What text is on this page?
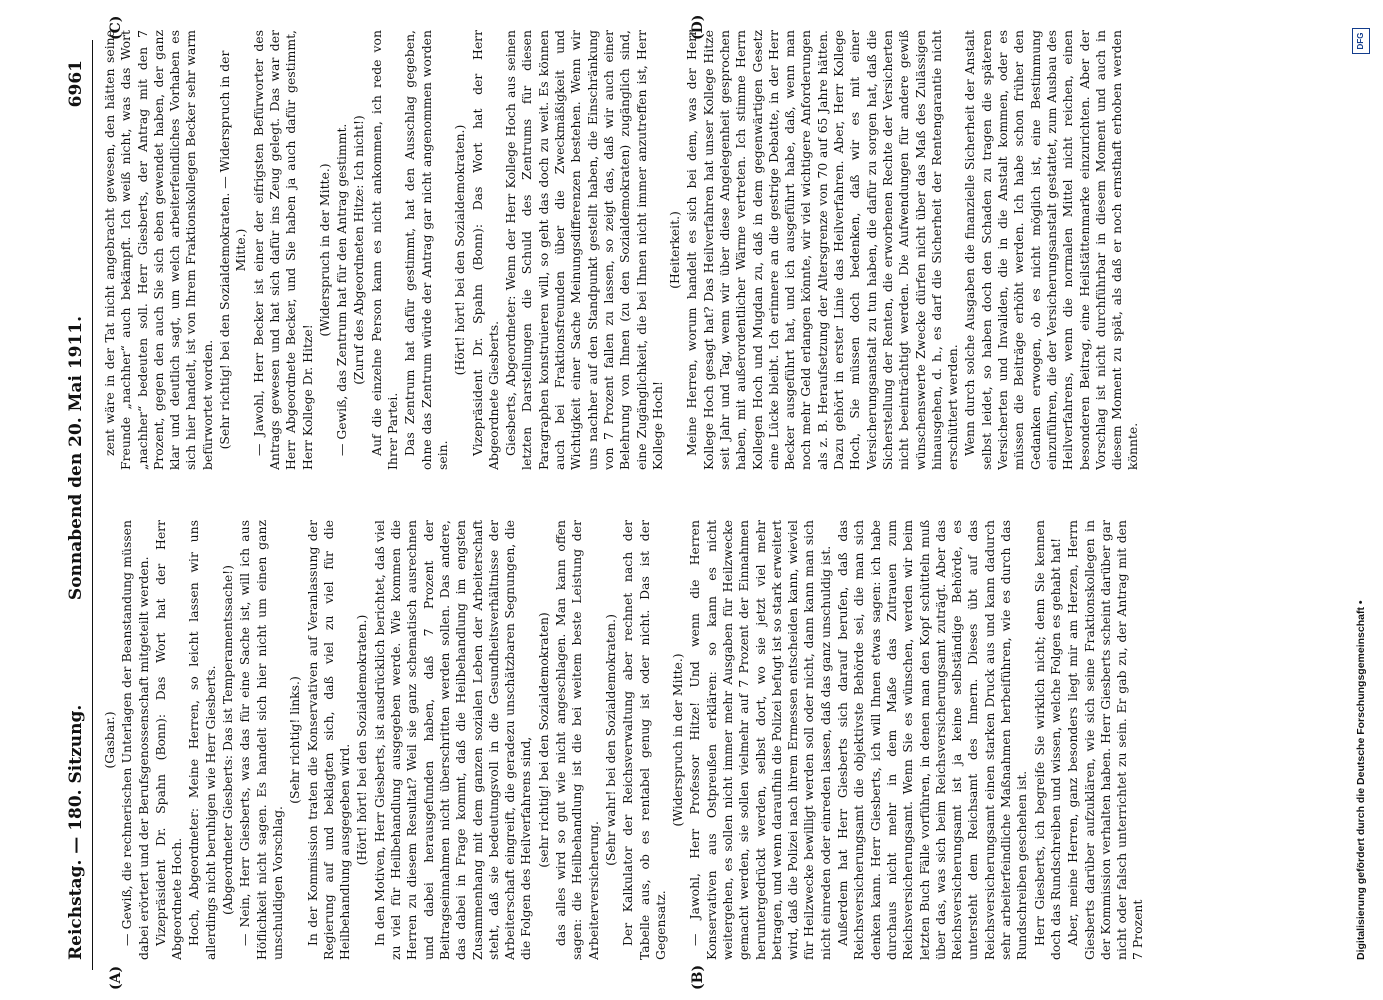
Reichstag. — 180. Sitzung.
Sonnabend den 20. Mai 1911.
6961
(A)	(B)
(C)	(D)

(Gasbar.) — Gewiß, die rechnerischen Unterlagen der Beanstandung müssen dabei erörtert und der Berufsgenossenschaft mitgeteilt werden. Vizepräsident Dr. Spahn (Bonn): Das Wort hat der Herr Abgeordnete Hoch. Hoch, Abgeordneter: Meine Herren, so leicht lassen wir uns allerdings nicht beruhigen wie Herr Giesberts. (Abgeordneter Giesberts: Das ist Temperamentssache!) — Nein, Herr Giesberts, was das für eine Sache ist, will ich aus Höflichkeit nicht sagen. Es handelt sich hier nicht um einen ganz unschuldigen Vorschlag.

(Sehr richtig! links.) In der Kommission traten die Konservativen auf Veranlassung der Regierung auf und beklagten sich, daß viel zu viel für die Heilbehandlung ausgegeben wird. (Hört! hört! bei den Sozialdemokraten.) In den Motiven, Herr Giesberts, ist ausdrücklich berichtet, daß viel zu viel für Heilbehandlung ausgegeben werde. Wie kommen die Herren zu diesem Resultat? Weil sie ganz schematisch ausrechnen und dabei herausgefunden haben, daß 7 Prozent der Beitragseinnahmen nicht überschritten werden sollen. Das andere, das dabei in Frage kommt, daß die Heilbehandlung im engsten Zusammenhang mit dem ganzen sozialen Leben der Arbeiterschaft steht, daß sie bedeutungsvoll in die Gesundheitsverhältnisse der Arbeiterschaft eingreift, die geradezu unschätzbaren Segnungen, die die Folgen des Heilverfahrens sind, (sehr richtig! bei den Sozialdemokraten) das alles wird so gut wie nicht angeschlagen. Man kann offen sagen: die Heilbehandlung ist die bei weitem beste Leistung der Arbeiterversicherung.

(Sehr wahr! bei den Sozialdemokraten.) Der Kalkulator der Reichsverwaltung aber rechnet nach der Tabelle aus, ob es rentabel genug ist oder nicht. Das ist der Gegensatz.

(Widerspruch in der Mitte.) — Jawohl, Herr Professor Hitze! Und wenn die Herren Konservativen aus Ostpreußen erklären: so kann es nicht weitergehen, es sollen nicht immer mehr Ausgaben für Heilzwecke gemacht werden, sie sollen vielmehr auf 7 Prozent der Einnahmen heruntergedrückt werden, selbst dort, wo sie jetzt viel mehr betragen, und wenn daraufhin die Polizei befugt ist so stark erweitert wird, daß die Polizei nach ihrem Ermessen entscheiden kann, wieviel für Heilzwecke bewilligt werden soll oder nicht, dann kann man sich nicht einreden oder einreden lassen, daß das ganz unschuldig ist. Außerdem hat Herr Giesberts sich darauf berufen, daß das Reichsversicherungsamt die objektivste Behörde sei, die man sich denken kann. Herr Giesberts, ich will Ihnen etwas sagen: ich habe durchaus nicht mehr in dem Maße das Zutrauen zum Reichsversicherungsamt. Wenn Sie es wünschen, werden wir beim letzten Buch Fälle vorführen, in denen man den Kopf schütteln muß über das, was sich beim Reichsversicherungsamt zuträgt. Aber das Reichsversicherungsamt ist ja keine selbständige Behörde, es untersteht dem Reichsamt des Innern. Dieses übt auf das Reichsversicherungsamt einen starken Druck aus und kann dadurch sehr arbeiterfeindliche Maßnahmen herbeiführen, wie es durch das Rundschreiben geschehen ist. Herr Giesberts, ich begreife Sie wirklich nicht; denn Sie kennen doch das Rundschreiben und wissen, welche Folgen es gehabt hat! Aber, meine Herren, ganz besonders liegt mir am Herzen, Herrn Giesberts darüber aufzuklären, wie sich seine Fraktionskollegen in der Kommission verhalten haben. Herr Giesberts scheint darüber gar nicht oder falsch unterrichtet zu sein. Er gab zu, der Antrag mit den 7 Prozent

zent wäre in der Tat nicht angebracht gewesen, den hätten seine Freunde „nachher“ auch bekämpft. Ich weiß nicht, was das Wort „nachher“ bedeuten soll. Herr Giesberts, der Antrag mit den 7 Prozent, gegen den auch Sie sich eben gewendet haben, der ganz klar und deutlich sagt, um welch arbeiterfeindliches Vorhaben es sich hier handelt, ist von Ihrem Fraktionskollegen Becker sehr warm befürwortet worden. (Sehr richtig! bei den Sozialdemokraten. — Widerspruch in der Mitte.) — Jawohl, Herr Becker ist einer der eifrigsten Befürworter des Antrags gewesen und hat sich dafür ins Zeug gelegt. Das war der Herr Abgeordnete Becker, und Sie haben ja auch dafür gestimmt, Herr Kollege Dr. Hitze!

(Widerspruch in der Mitte.) — Gewiß, das Zentrum hat für den Antrag gestimmt. (Zuruf des Abgeordneten Hitze: Ich nicht!) Auf die einzelne Person kann es nicht ankommen, ich rede von Ihrer Partei. Das Zentrum hat dafür gestimmt, hat den Ausschlag gegeben, ohne das Zentrum würde der Antrag gar nicht angenommen worden sein.

(Hört! hört! bei den Sozialdemokraten.) Vizepräsident Dr. Spahn (Bonn): Das Wort hat der Herr Abgeordnete Giesberts. Giesberts, Abgeordneter: Wenn der Herr Kollege Hoch aus seinen letzten Darstellungen die Schuld des Zentrums für diesen Paragraphen konstruieren will, so geht das doch zu weit. Es können auch bei Fraktionsfreunden über die Zweckmäßigkeit und Wichtigkeit einer Sache Meinungsdifferenzen bestehen. Wenn wir uns nachher auf den Standpunkt gestellt haben, die Einschränkung von 7 Prozent fallen zu lassen, so zeigt das, daß wir auch einer Belehrung von Ihnen (zu den Sozialdemokraten) zugänglich sind, eine Zugänglichkeit, die bei Ihnen nicht immer anzutreffen ist, Herr Kollege Hoch!

(Heiterkeit.) Meine Herren, worum handelt es sich bei dem, was der Herr Kollege Hoch gesagt hat? Das Heilverfahren hat unser Kollege Hitze seit Jahr und Tag, wenn wir über diese Angelegenheit gesprochen haben, mit außerordentlicher Wärme vertreten. Ich stimme Herrn Kollegen Hoch und Mugdan zu, daß in dem gegenwärtigen Gesetz eine Lücke bleibt. Ich erinnere an die gestrige Debatte, in der Herr Becker ausgeführt hat, und ich ausgeführt habe, daß, wenn man noch mehr Geld erlangen könnte, wir viel wichtigere Anforderungen als z. B. Heraufsetzung der Altersgrenze von 70 auf 65 Jahre hätten. Dazu gehört in erster Linie das Heilverfahren. Aber, Herr Kollege Hoch, Sie müssen doch bedenken, daß wir es mit einer Versicherungsanstalt zu tun haben, die dafür zu sorgen hat, daß die Sicherstellung der Renten, die erworbenen Rechte der Versicherten nicht beeinträchtigt werden. Die Aufwendungen für andere gewiß wünschenswerte Zwecke dürfen nicht über das Maß des Zulässigen hinausgehen, d. h., es darf die Sicherheit der Rentengarantie nicht erschüttert werden. Wenn durch solche Ausgaben die finanzielle Sicherheit der Anstalt selbst leidet, so haben doch den Schaden zu tragen die späteren Versicherten und Invaliden, die in die Anstalt kommen, oder es müssen die Beiträge erhöht werden. Ich habe schon früher den Gedanken erwogen, ob es nicht möglich ist, eine Bestimmung einzuführen, die der Versicherungsanstalt gestattet, zum Ausbau des Heilverfahrens, wenn die normalen Mittel nicht reichen, einen besonderen Beitrag, eine Heilstättenmarke einzurichten. Aber der Vorschlag ist nicht durchführbar in diesem Moment und auch in diesem Moment zu spät, als daß er noch ernsthaft erhoben werden könnte.

Digitalisierung gefördert durch die Deutsche Forschungsgemeinschaft •
DFG
